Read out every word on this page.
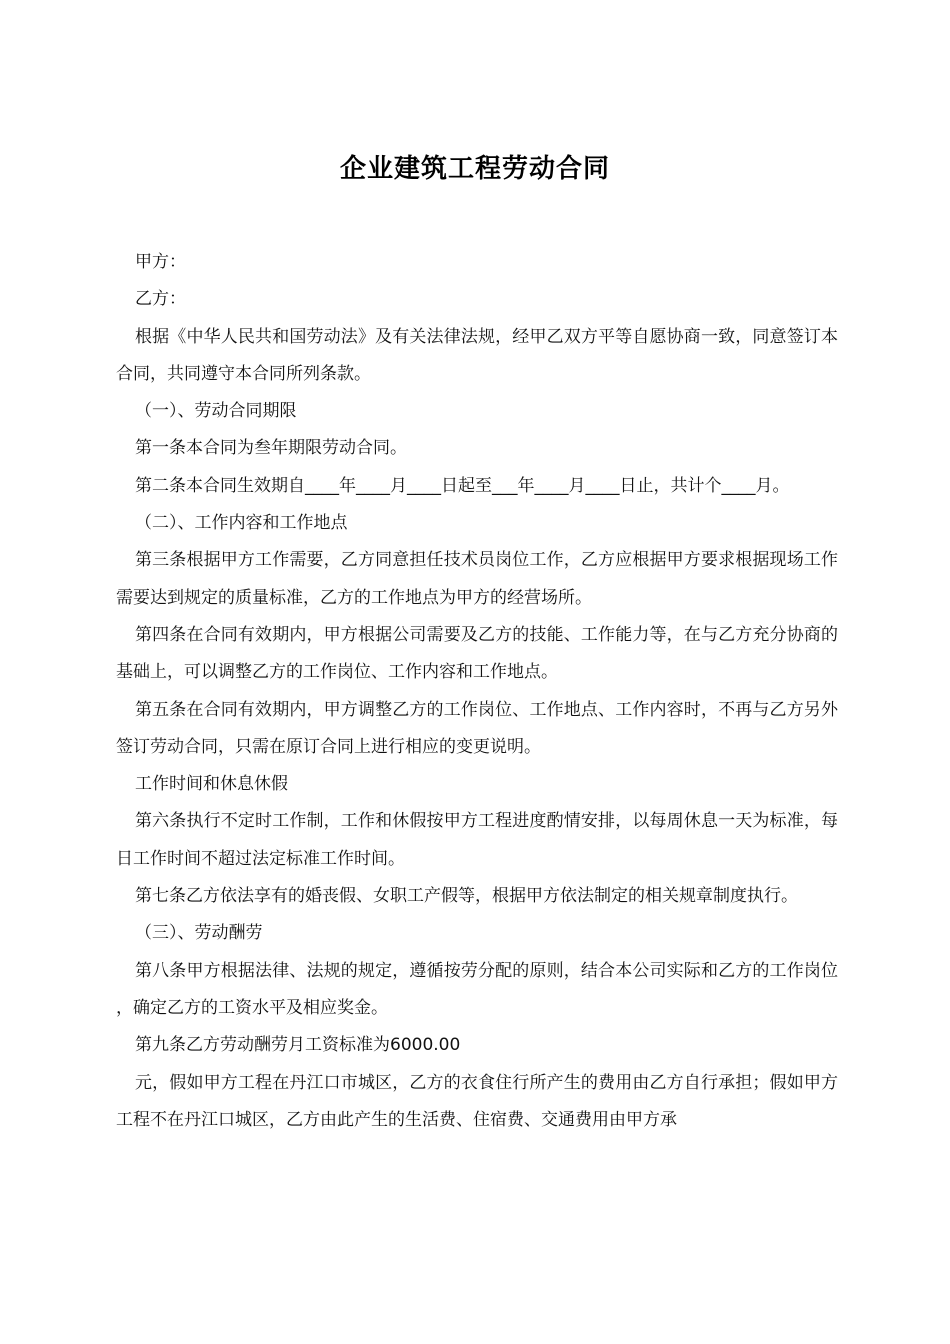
企业建筑工程劳动合同

甲方：

乙方：

根据《中华人民共和国劳动法》及有关法律法规，经甲乙双方平等自愿协商一致，同意签订本合同，共同遵守本合同所列条款。

（一）、劳动合同期限

第一条本合同为叁年期限劳动合同。

第二条本合同生效期自____年____月____日起至___年____月____日止，共计个____月。

（二）、工作内容和工作地点

第三条根据甲方工作需要，乙方同意担任技术员岗位工作，乙方应根据甲方要求根据现场工作需要达到规定的质量标准，乙方的工作地点为甲方的经营场所。

第四条在合同有效期内，甲方根据公司需要及乙方的技能、工作能力等，在与乙方充分协商的基础上，可以调整乙方的工作岗位、工作内容和工作地点。

第五条在合同有效期内，甲方调整乙方的工作岗位、工作地点、工作内容时，不再与乙方另外签订劳动合同，只需在原订合同上进行相应的变更说明。

工作时间和休息休假

第六条执行不定时工作制，工作和休假按甲方工程进度酌情安排，以每周休息一天为标准，每日工作时间不超过法定标准工作时间。

第七条乙方依法享有的婚丧假、女职工产假等，根据甲方依法制定的相关规章制度执行。

（三）、劳动酬劳

第八条甲方根据法律、法规的规定，遵循按劳分配的原则，结合本公司实际和乙方的工作岗位，确定乙方的工资水平及相应奖金。

第九条乙方劳动酬劳月工资标准为6000.00

元，假如甲方工程在丹江口市城区，乙方的衣食住行所产生的费用由乙方自行承担；假如甲方工程不在丹江口城区，乙方由此产生的生活费、住宿费、交通费用由甲方承
